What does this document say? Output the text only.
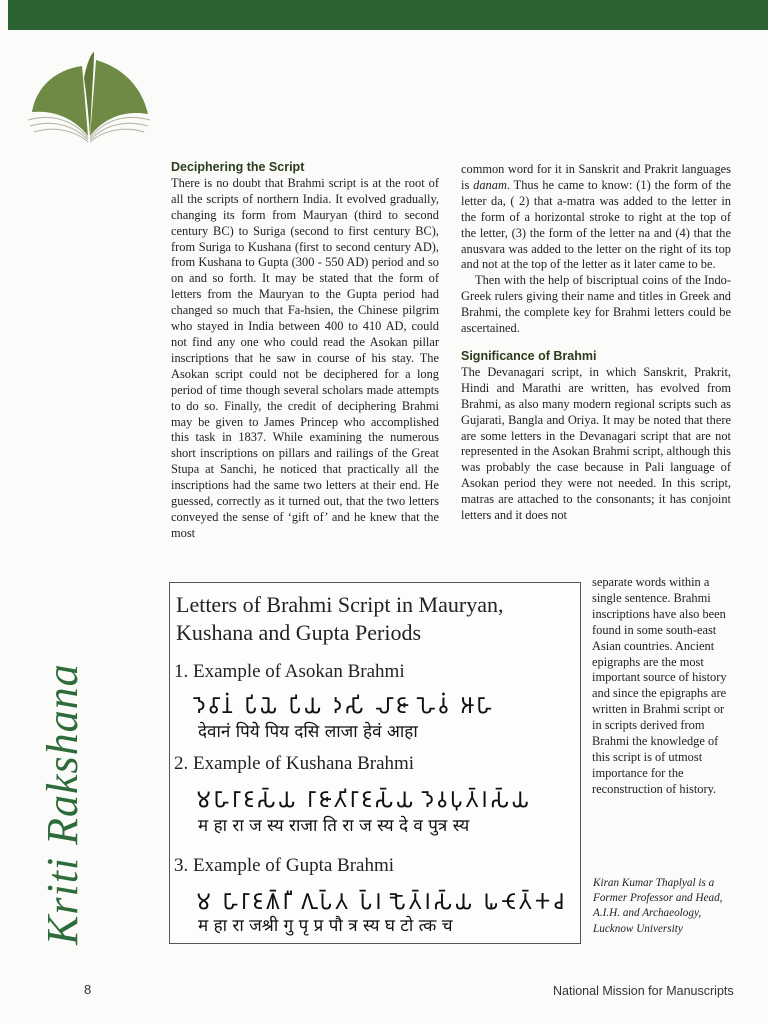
Kriti Rakshana

Deciphering the Script

There is no doubt that Brahmi script is at the root of all the scripts of northern India. It evolved gradually, changing its form from Mauryan (third to second century BC) to Suriga (second to first century BC), from Suriga to Kushana (first to second century AD), from Kushana to Gupta (300 - 550 AD) period and so on and so forth. It may be stated that the form of letters from the Mauryan to the Gupta period had changed so much that Fa-hsien, the Chinese pilgrim who stayed in India between 400 to 410 AD, could not find any one who could read the Asokan pillar inscriptions that he saw in course of his stay. The Asokan script could not be deciphered for a long period of time though several scholars made attempts to do so. Finally, the credit of deciphering Brahmi may be given to James Princep who accomplished this task in 1837. While examining the numerous short inscriptions on pillars and railings of the Great Stupa at Sanchi, he noticed that practically all the inscriptions had the same two letters at their end. He guessed, correctly as it turned out, that the two letters conveyed the sense of ‘gift of’ and he knew that the most

common word for it in Sanskrit and Prakrit languages is danam. Thus he came to know: (1) the form of the letter da, ( 2) that a-matra was added to the letter in the form of a horizontal stroke to right at the top of the letter, (3) the form of the letter na and (4) that the anusvara was added to the letter on the right of its top and not at the top of the letter as it later came to be.

Then with the help of biscriptual coins of the Indo-Greek rulers giving their name and titles in Greek and Brahmi, the complete key for Brahmi letters could be ascertained.

Significance of Brahmi

The Devanagari script, in which Sanskrit, Prakrit, Hindi and Marathi are written, has evolved from Brahmi, as also many modern regional scripts such as Gujarati, Bangla and Oriya. It may be noted that there are some letters in the Devanagari script that are not represented in the Asokan Brahmi script, although this was probably the case because in Pali language of Asokan period they were not needed. In this script, matras are attached to the consonants; it has conjoint letters and it does not

separate words within a single sentence. Brahmi inscriptions have also been found in some south-east Asian countries. Ancient epigraphs are the most important source of history and since the epigraphs are written in Brahmi script or in scripts derived from Brahmi the knowledge of this script is of utmost importance for the reconstruction of history.

Kiran Kumar Thaplyal is a Former Professor and Head, A.I.H. and Archaeology, Lucknow University
Letters of Brahmi Script in Mauryan, Kushana and Gupta Periods
1. Example of Asokan Brahmi
𑀤𑁂𑀯𑀸𑀦𑀁 𑀧𑀺𑀬𑁂 𑀧𑀺𑀬 𑀤𑀲𑀺 𑀮𑀸𑀚𑀸 𑀳𑁂𑀯𑀁 𑀆𑀳𑀸
देवानं पियेे पिय दसि लाजा हेवं आहा
2. Example of Kushana Brahmi
𑀫𑀳𑀸𑀭𑀸𑀚𑀲𑁆𑀬 𑀭𑀸𑀚𑀸𑀢𑀺𑀭𑀸𑀚𑀲𑁆𑀬 𑀤𑁂𑀯𑀧𑀼𑀢𑁆𑀭𑀲𑁆𑀬
म हा रा ज स्य राजा ति रा ज स्य दे व पुत्र स्य
3. Example of Gupta Brahmi
𑀫 𑀳𑀸𑀭𑀸𑀚𑀰𑁆𑀭𑀻 𑀕𑀼𑀧𑁆𑀢 𑀧𑁆𑀭 𑀧𑁅𑀢𑁆𑀭𑀲𑁆𑀬 𑀖𑀝𑁄𑀢𑁆𑀓𑀘
म हा रा जश्री गु पृ प्र पौ त्र स्य घ टो त्क च
8	National Mission for Manuscripts
